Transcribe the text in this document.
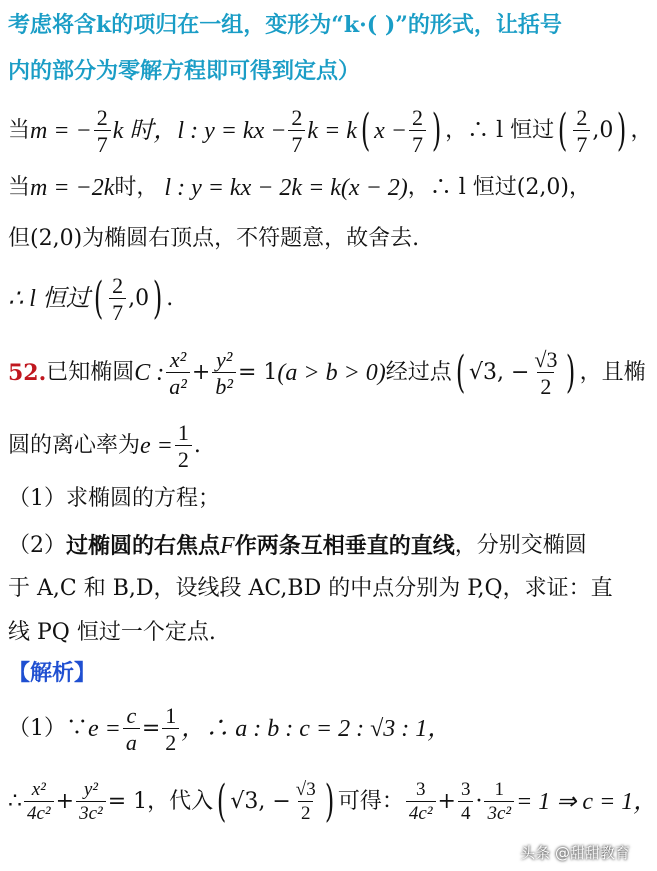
考虑将含k的项归在一组，变形为“k·( )”的形式，让括号
内的部分为零解方程即可得到定点）
当 m = − $\frac{2}{7}$ k 时， l : y = kx − $\frac{2}{7}$ k = k ( $x - \frac{2}{7}$ ) ，∴ l 恒过 ( $\frac{2}{7} ,0$ ) ，
当 m = −2k 时， l : y = kx − 2k = k (x − 2) ，∴ l 恒过 (2,0) ，
但 (2,0) 为椭圆右顶点，不符题意，故舍去.
∴ l 恒过 ( $\frac{2}{7} ,0$ ) .
52. 已知椭圆 C : $\frac{\text{x²}}{\text{a²}} + \frac{\text{y²}}{\text{b²}} = 1$ (a > b > 0) 经过点 ( √3, − $\frac{√3}{2}$ ) ，且椭
圆的离心率为 $e = \frac{1}{2}$ .
（1）求椭圆的方程；
（2） 过椭圆的右焦点 F 作两条互相垂直的直线 ，分别交椭圆
于 A,C 和 B,D，设线段 AC,BD 的中点分别为 P,Q，求证：直
线 PQ 恒过一个定点.
【解析】
（1）∵ $e = \frac{c}{a} = \frac{1}{2}$ ，∴ a : b : c = 2 : √3 : 1，
∴ $\frac{\text{x²}}{\text{4c²}} + \frac{\text{y²}}{\text{3c²}} = 1$，代入 ( √3, − $\frac{√3}{2}$ ) 可得： $\frac{3}{\text{4c²}} + \frac{3}{4} \cdot \frac{1}{\text{3c²}} = 1$ ⇒ c = 1，
头条 @甜甜教育
